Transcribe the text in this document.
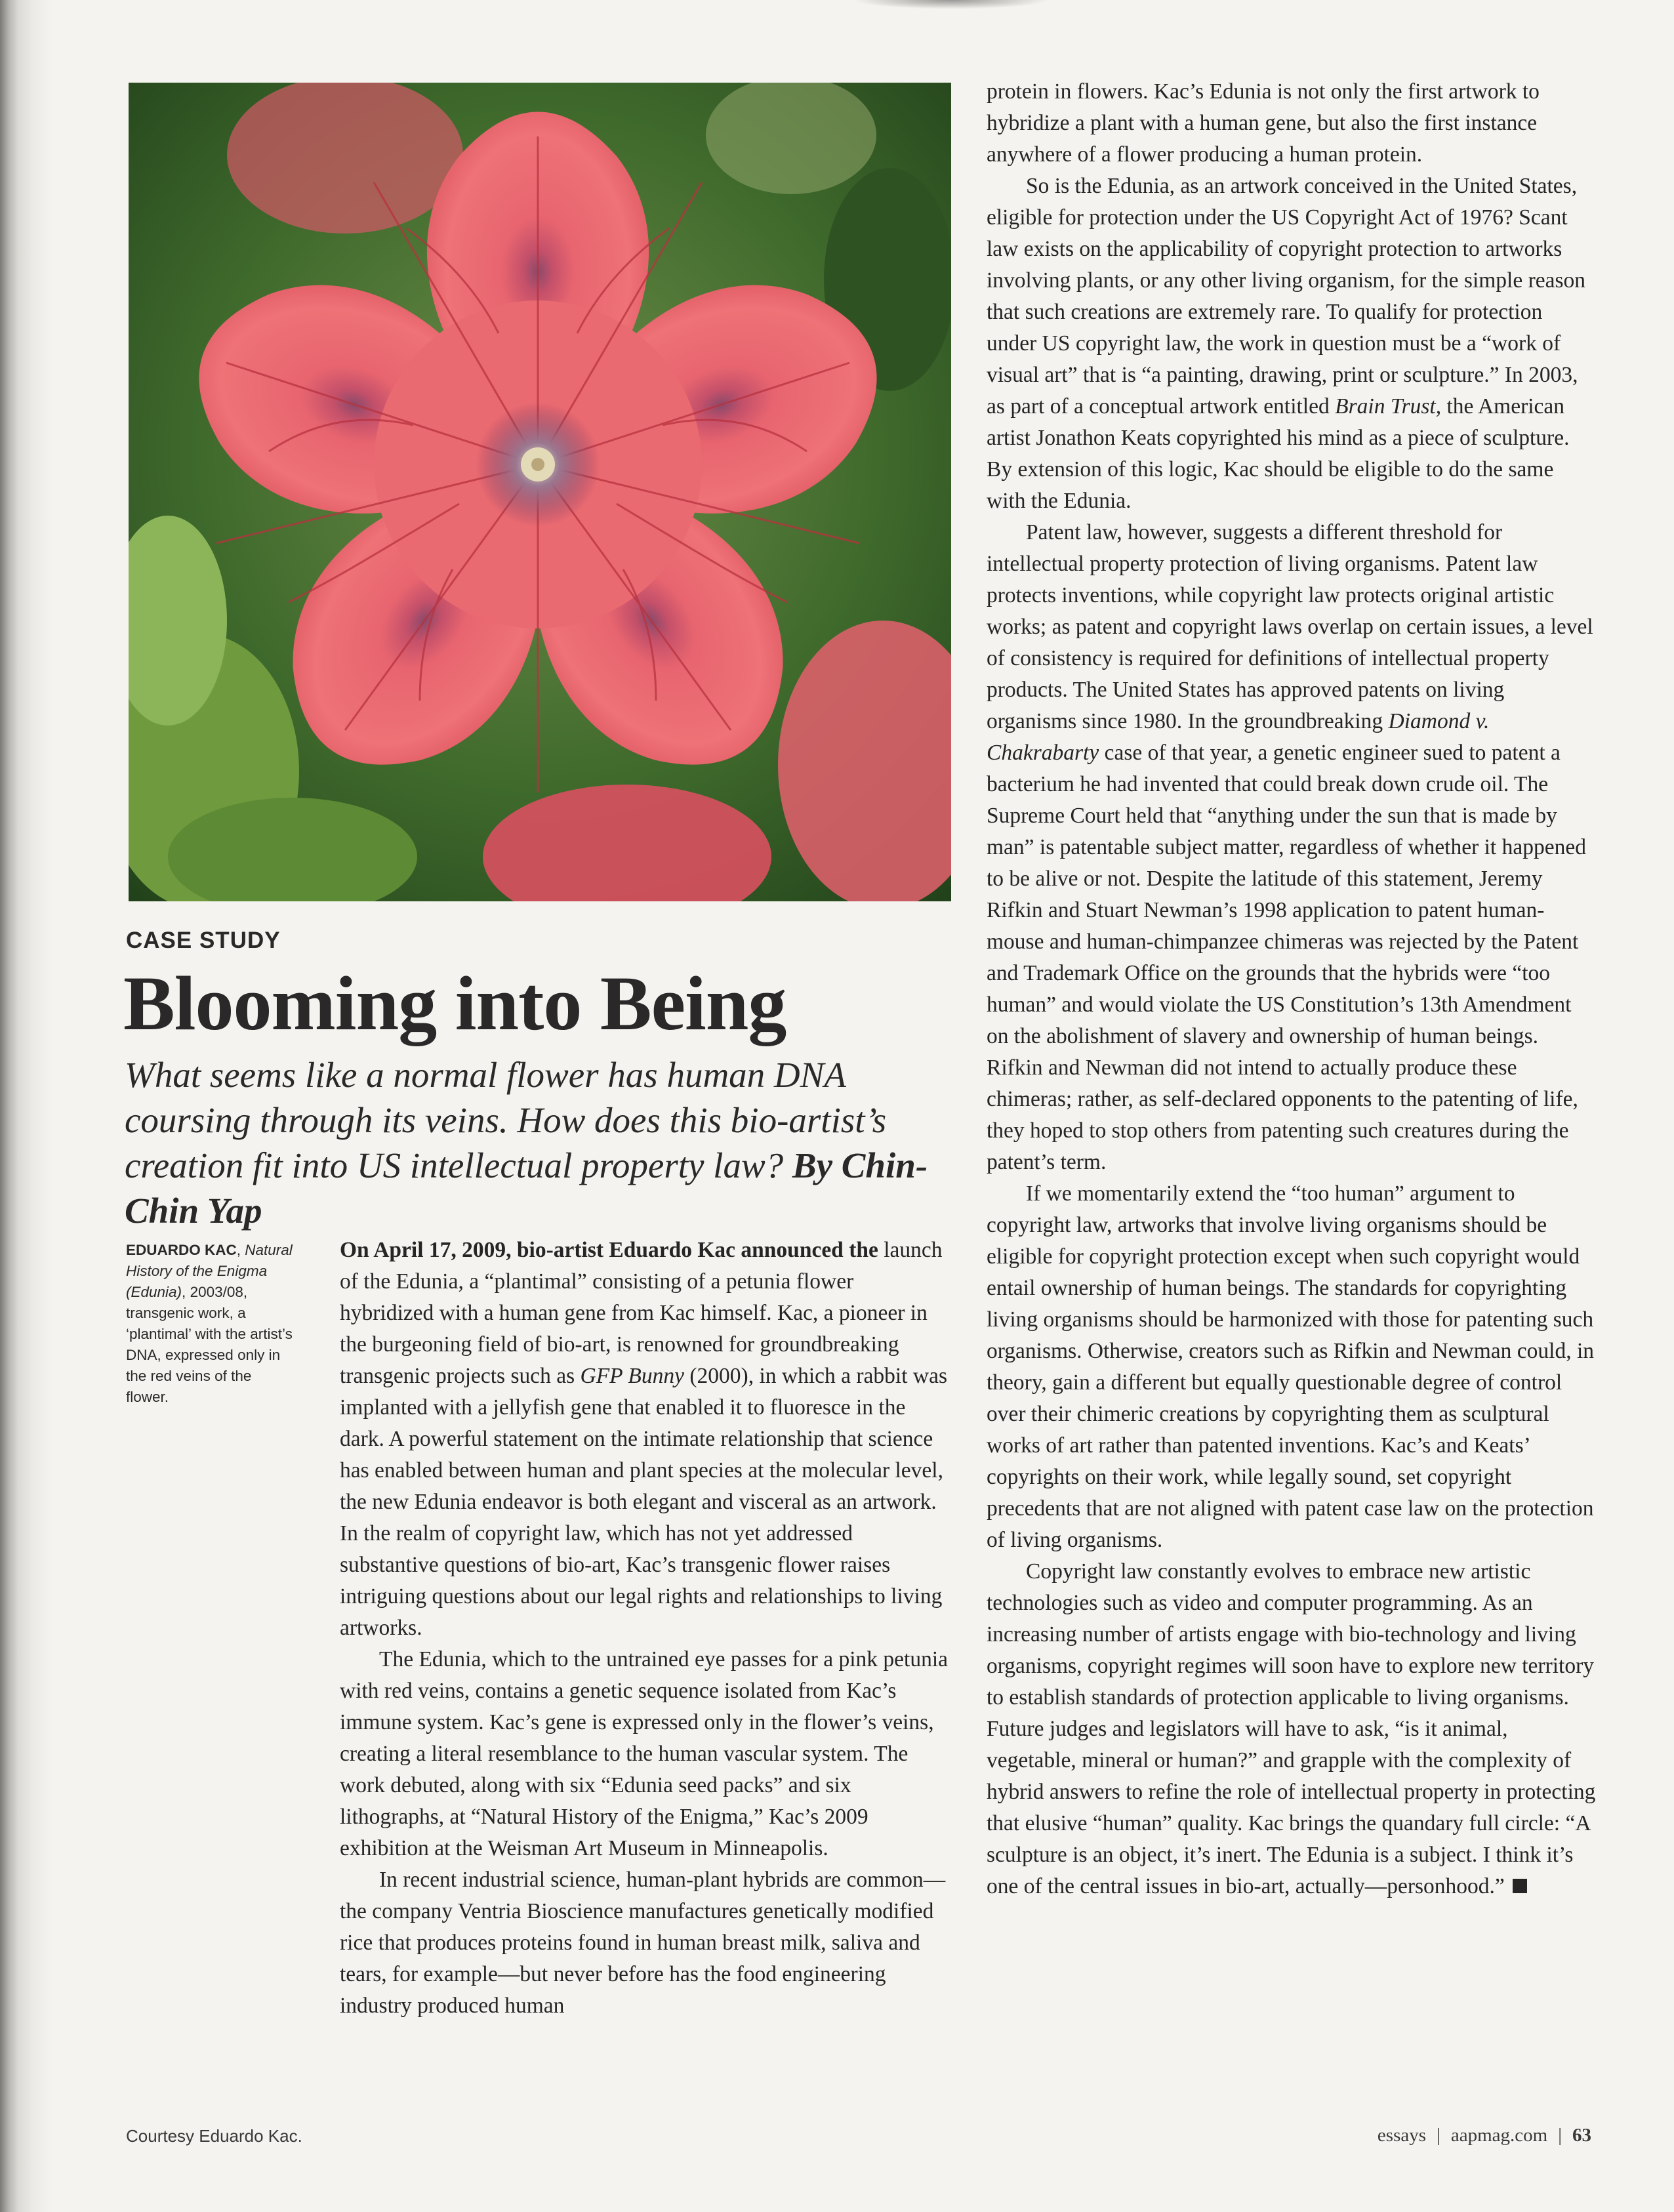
CASE STUDY
Blooming into Being
What seems like a normal flower has human DNA coursing through its veins. How does this bio-artist’s creation fit into US intellectual property law? By Chin-Chin Yap
EDUARDO KAC, Natural History of the Enigma (Edunia), 2003/08, transgenic work, a ‘plantimal’ with the artist’s DNA, expressed only in the red veins of the flower.

On April 17, 2009, bio-artist Eduardo Kac announced the launch of the Edunia, a “plantimal” consisting of a petunia flower hybridized with a human gene from Kac himself. Kac, a pioneer in the burgeoning field of bio-art, is renowned for groundbreaking transgenic projects such as GFP Bunny (2000), in which a rabbit was implanted with a jellyfish gene that enabled it to fluoresce in the dark. A powerful statement on the intimate relationship that science has enabled between human and plant species at the molecular level, the new Edunia endeavor is both elegant and visceral as an artwork. In the realm of copyright law, which has not yet addressed substantive questions of bio-art, Kac’s transgenic flower raises intriguing questions about our legal rights and relationships to living artworks.

The Edunia, which to the untrained eye passes for a pink petunia with red veins, contains a genetic sequence isolated from Kac’s immune system. Kac’s gene is expressed only in the flower’s veins, creating a literal resemblance to the human vascular system. The work debuted, along with six “Edunia seed packs” and six lithographs, at “Natural History of the Enigma,” Kac’s 2009 exhibition at the Weisman Art Museum in Minneapolis.

In recent industrial science, human-plant hybrids are common—the company Ventria Bioscience manufactures genetically modified rice that produces proteins found in human breast milk, saliva and tears, for example—but never before has the food engineering industry produced human

protein in flowers. Kac’s Edunia is not only the first artwork to hybridize a plant with a human gene, but also the first instance anywhere of a flower producing a human protein.

So is the Edunia, as an artwork conceived in the United States, eligible for protection under the US Copyright Act of 1976? Scant law exists on the applicability of copyright protection to artworks involving plants, or any other living organism, for the simple reason that such creations are extremely rare. To qualify for protection under US copyright law, the work in question must be a “work of visual art” that is “a painting, drawing, print or sculpture.” In 2003, as part of a conceptual artwork entitled Brain Trust, the American artist Jonathon Keats copyrighted his mind as a piece of sculpture. By extension of this logic, Kac should be eligible to do the same with the Edunia.

Patent law, however, suggests a different threshold for intellectual property protection of living organisms. Patent law protects inventions, while copyright law protects original artistic works; as patent and copyright laws overlap on certain issues, a level of consistency is required for definitions of intellectual property products. The United States has approved patents on living organisms since 1980. In the groundbreaking Diamond v. Chakrabarty case of that year, a genetic engineer sued to patent a bacterium he had invented that could break down crude oil. The Supreme Court held that “anything under the sun that is made by man” is patentable subject matter, regardless of whether it happened to be alive or not. Despite the latitude of this statement, Jeremy Rifkin and Stuart Newman’s 1998 application to patent human-mouse and human-chimpanzee chimeras was rejected by the Patent and Trademark Office on the grounds that the hybrids were “too human” and would violate the US Constitution’s 13th Amendment on the abolishment of slavery and ownership of human beings. Rifkin and Newman did not intend to actually produce these chimeras; rather, as self-declared opponents to the patenting of life, they hoped to stop others from patenting such creatures during the patent’s term.

If we momentarily extend the “too human” argument to copyright law, artworks that involve living organisms should be eligible for copyright protection except when such copyright would entail ownership of human beings. The standards for copyrighting living organisms should be harmonized with those for patenting such organisms. Otherwise, creators such as Rifkin and Newman could, in theory, gain a different but equally questionable degree of control over their chimeric creations by copyrighting them as sculptural works of art rather than patented inventions. Kac’s and Keats’ copyrights on their work, while legally sound, set copyright precedents that are not aligned with patent case law on the protection of living organisms.

Copyright law constantly evolves to embrace new artistic technologies such as video and computer programming. As an increasing number of artists engage with bio-technology and living organisms, copyright regimes will soon have to explore new territory to establish standards of protection applicable to living organisms. Future judges and legislators will have to ask, “is it animal, vegetable, mineral or human?” and grapple with the complexity of hybrid answers to refine the role of intellectual property in protecting that elusive “human” quality. Kac brings the quandary full circle: “A sculpture is an object, it’s inert. The Edunia is a subject. I think it’s one of the central issues in bio-art, actually—personhood.”

Courtesy Eduardo Kac.	essays | aapmag.com | 63
